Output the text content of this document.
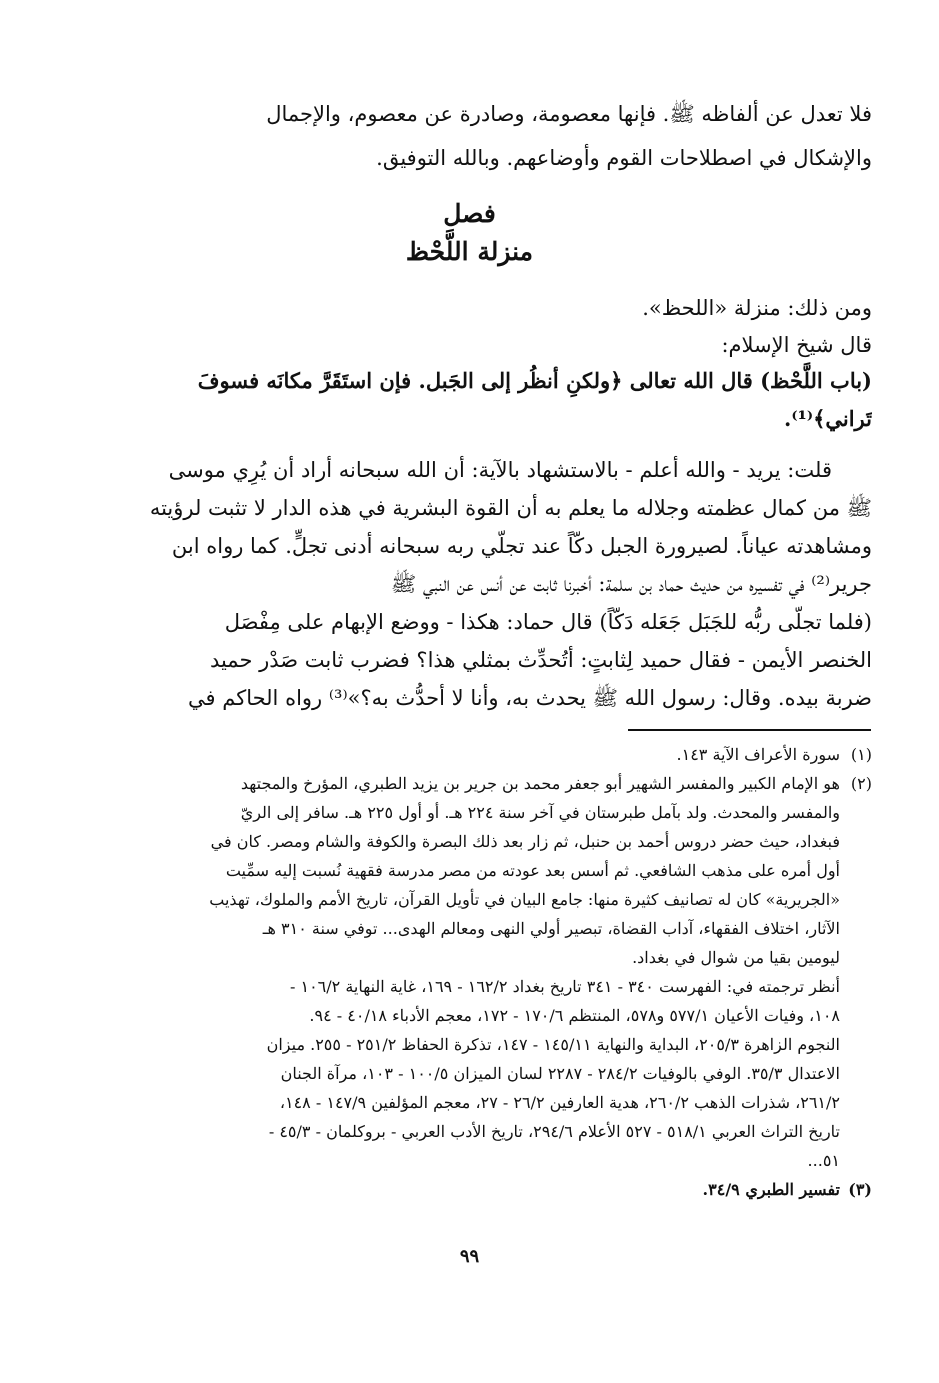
فلا تعدل عن ألفاظه ﷺ. فإنها معصومة، وصادرة عن معصوم، والإجمال
والإشكال في اصطلاحات القوم وأوضاعهم. وبالله التوفيق.
فصل
منزلة اللَّحْظ
ومن ذلك: منزلة «اللحظ».
قال شيخ الإسلام:
(باب اللَّحْظ) قال الله تعالى ﴿ولكنِ أنظُر إلى الجَبل. فإن استَقَرَّ مكانَه فسوفَ
تَراني﴾⁽¹⁾.
قلت: يريد - والله أعلم - بالاستشهاد بالآية: أن الله سبحانه أراد أن يُرِي موسى
ﷺ من كمال عظمته وجلاله ما يعلم به أن القوة البشرية في هذه الدار لا تثبت لرؤيته
ومشاهدته عياناً. لصيرورة الجبل دكّاً عند تجلّي ربه سبحانه أدنى تجلٍّ. كما رواه ابن
جرير⁽²⁾ في تفسيره من حديث حماد بن سلمة: أخبرنا ثابت عن أنس عن النبي ﷺ
(فلما تجلّى ربُّه للجَبَل جَعَله دَكّاً) قال حماد: هكذا - ووضع الإبهام على مِفْصَل
الخنصر الأيمن - فقال حميد لِثابتٍ: أتُحدِّث بمثلي هذا؟ فضرب ثابت صَدْر حميد
ضربة بيده. وقال: رسول الله ﷺ يحدث به، وأنا لا أحدُّث به؟»⁽³⁾ رواه الحاكم في
(١)
سورة الأعراف الآية ١٤٣.
(٢)
هو الإمام الكبير والمفسر الشهير أبو جعفر محمد بن جرير بن يزيد الطبري، المؤرخ والمجتهد
والمفسر والمحدث. ولد بآمل طبرستان في آخر سنة ٢٢٤ هـ. أو أول ٢٢٥ هـ. سافر إلى الريّ
فبغداد، حيث حضر دروس أحمد بن حنبل، ثم زار بعد ذلك البصرة والكوفة والشام ومصر. كان في
أول أمره على مذهب الشافعي. ثم أسس بعد عودته من مصر مدرسة فقهية نُسبت إليه سمِّيت
«الجريرية» كان له تصانيف كثيرة منها: جامع البيان في تأويل القرآن، تاريخ الأمم والملوك، تهذيب
الآثار، اختلاف الفقهاء، آداب القضاة، تبصير أولي النهى ومعالم الهدى... توفي سنة ٣١٠ هـ
ليومين بقيا من شوال في بغداد.
أنظر ترجمته في: الفهرست ٣٤٠ - ٣٤١ تاريخ بغداد ١٦٢/٢ - ١٦٩، غاية النهاية ١٠٦/٢ -
١٠٨، وفيات الأعيان ٥٧٧/١ و٥٧٨، المنتظم ١٧٠/٦ - ١٧٢، معجم الأدباء ٤٠/١٨ - ٩٤.
النجوم الزاهرة ٢٠٥/٣، البداية والنهاية ١٤٥/١١ - ١٤٧، تذكرة الحفاظ ٢٥١/٢ - ٢٥٥. ميزان
الاعتدال ٣٥/٣. الوفي بالوفيات ٢٨٤/٢ - ٢٢٨٧ لسان الميزان ١٠٠/٥ - ١٠٣، مرآة الجنان
٢٦١/٢، شذرات الذهب ٢٦٠/٢، هدية العارفين ٢٦/٢ - ٢٧، معجم المؤلفين ١٤٧/٩ - ١٤٨،
تاريخ التراث العربي ٥١٨/١ - ٥٢٧ الأعلام ٢٩٤/٦، تاريخ الأدب العربي - بروكلمان - ٤٥/٣ -
٥١...
(٣)
تفسير الطبري ٣٤/٩.
٩٩
